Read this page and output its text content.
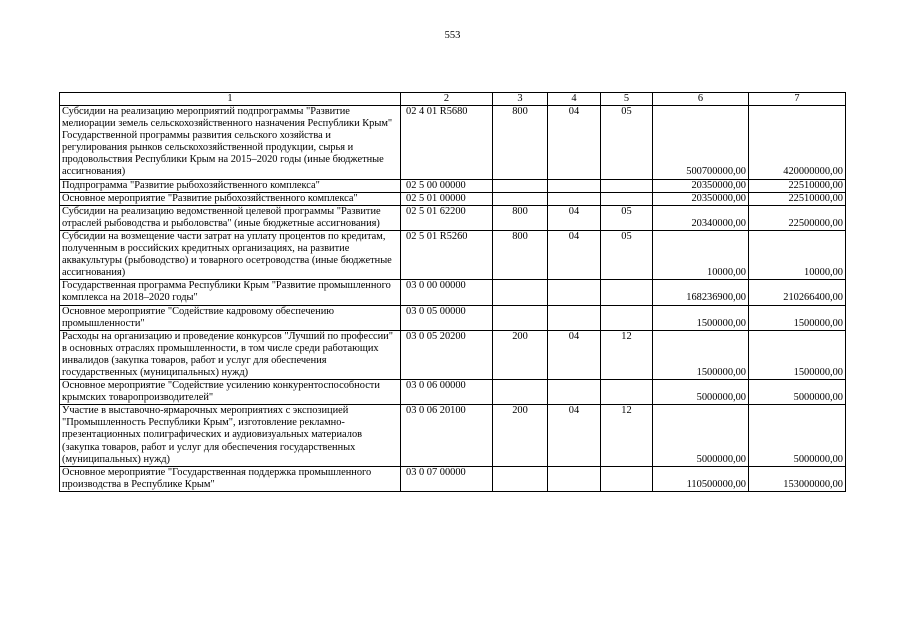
553
1	2	3	4	5	6	7
Субсидии на реализацию мероприятий подпрограммы "Развитие мелиорации земель сельскохозяйственного назначения Республики Крым" Государственной программы развития сельского хозяйства и регулирования рынков сельскохозяйственной продукции, сырья и продовольствия Республики Крым на 2015–2020 годы (иные бюджетные ассигнования)	02 4 01 R5680	800	04	05	500700000,00	420000000,00
Подпрограмма "Развитие рыбохозяйственного комплекса"	02 5 00 00000				20350000,00	22510000,00
Основное мероприятие "Развитие рыбохозяйственного комплекса"	02 5 01 00000				20350000,00	22510000,00
Субсидии на реализацию ведомственной целевой программы "Развитие отраслей рыбоводства и рыболовства" (иные бюджетные ассигнования)	02 5 01 62200	800	04	05	20340000,00	22500000,00
Субсидии на возмещение части затрат на уплату процентов по кредитам, полученным в российских кредитных организациях, на развитие аквакультуры (рыбоводство) и товарного осетроводства (иные бюджетные ассигнования)	02 5 01 R5260	800	04	05	10000,00	10000,00
Государственная программа Республики Крым "Развитие промышленного комплекса на 2018–2020 годы"	03 0 00 00000				168236900,00	210266400,00
Основное мероприятие "Содействие кадровому обеспечению промышленности"	03 0 05 00000				1500000,00	1500000,00
Расходы на организацию и проведение конкурсов "Лучший по профессии" в основных отраслях промышленности, в том числе среди работающих инвалидов (закупка товаров, работ и услуг для обеспечения государственных (муниципальных) нужд)	03 0 05 20200	200	04	12	1500000,00	1500000,00
Основное мероприятие "Содействие усилению конкурентоспособности крымских товаропроизводителей"	03 0 06 00000				5000000,00	5000000,00
Участие в выставочно-ярмарочных мероприятиях с экспозицией "Промышленность Республики Крым", изготовление рекламно-презентационных полиграфических и аудиовизуальных материалов (закупка товаров, работ и услуг для обеспечения государственных (муниципальных) нужд)	03 0 06 20100	200	04	12	5000000,00	5000000,00
Основное мероприятие "Государственная поддержка промышленного производства в Республике Крым"	03 0 07 00000				110500000,00	153000000,00
